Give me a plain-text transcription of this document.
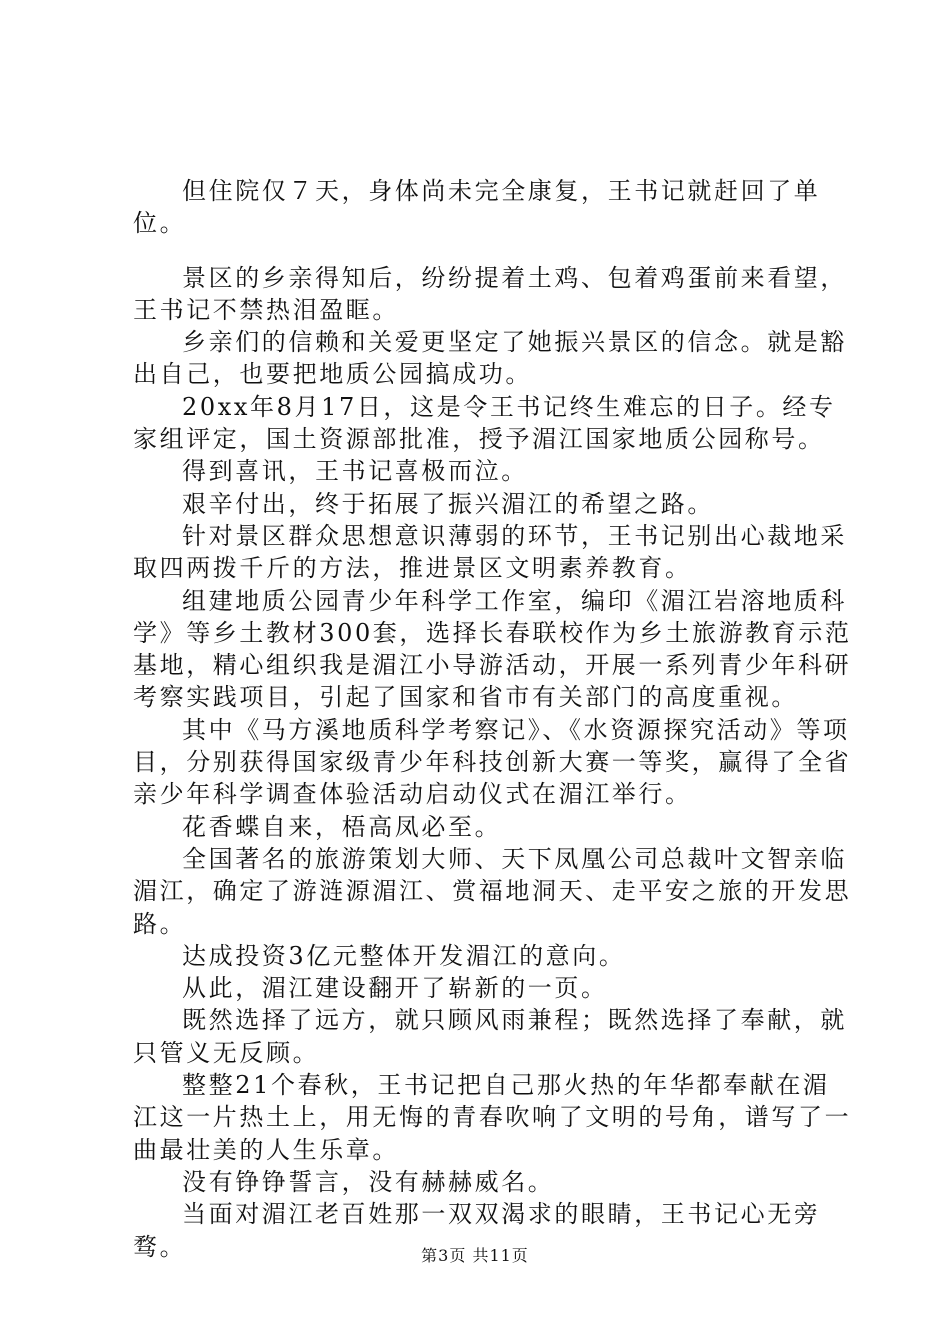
但住院仅７天，身体尚未完全康复，王书记就赶回了单位。

景区的乡亲得知后，纷纷提着土鸡、包着鸡蛋前来看望，王书记不禁热泪盈眶。

乡亲们的信赖和关爱更坚定了她振兴景区的信念。就是豁出自己，也要把地质公园搞成功。

20xx年8月17日，这是令王书记终生难忘的日子。经专家组评定，国土资源部批准，授予湄江国家地质公园称号。

得到喜讯，王书记喜极而泣。

艰辛付出，终于拓展了振兴湄江的希望之路。

针对景区群众思想意识薄弱的环节，王书记别出心裁地采取四两拨千斤的方法，推进景区文明素养教育。

组建地质公园青少年科学工作室，编印《湄江岩溶地质科学》等乡土教材300套，选择长春联校作为乡土旅游教育示范基地，精心组织我是湄江小导游活动，开展一系列青少年科研考察实践项目，引起了国家和省市有关部门的高度重视。

其中《马方溪地质科学考察记》、《水资源探究活动》等项目，分别获得国家级青少年科技创新大赛一等奖，赢得了全省亲少年科学调查体验活动启动仪式在湄江举行。

花香蝶自来，梧高凤必至。

全国著名的旅游策划大师、天下凤凰公司总裁叶文智亲临湄江，确定了游涟源湄江、赏福地洞天、走平安之旅的开发思路。

达成投资3亿元整体开发湄江的意向。

从此，湄江建设翻开了崭新的一页。

既然选择了远方，就只顾风雨兼程；既然选择了奉献，就只管义无反顾。

整整21个春秋，王书记把自己那火热的年华都奉献在湄江这一片热土上，用无悔的青春吹响了文明的号角，谱写了一曲最壮美的人生乐章。

没有铮铮誓言，没有赫赫威名。

当面对湄江老百姓那一双双渴求的眼睛，王书记心无旁骛。	第3页 共11页
